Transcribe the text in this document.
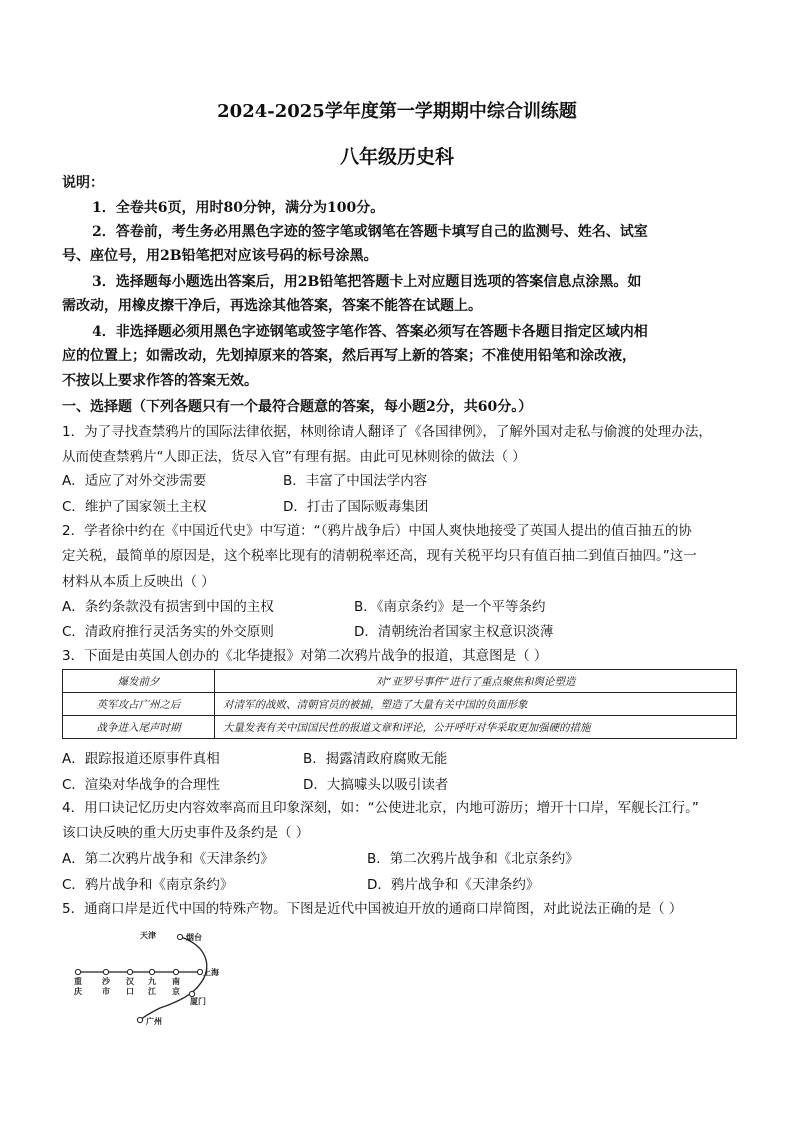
2024-2025学年度第一学期期中综合训练题
八年级历史科
说明：
1．全卷共6页，用时80分钟，满分为100分。
2．答卷前，考生务必用黑色字迹的签字笔或钢笔在答题卡填写自己的监测号、姓名、试室
号、座位号，用2B铅笔把对应该号码的标号涂黑。
3．选择题每小题选出答案后，用2B铅笔把答题卡上对应题目选项的答案信息点涂黑。如
需改动，用橡皮擦干净后，再选涂其他答案，答案不能答在试题上。
4．非选择题必须用黑色字迹钢笔或签字笔作答、答案必须写在答题卡各题目指定区域内相
应的位置上；如需改动，先划掉原来的答案，然后再写上新的答案；不准使用铅笔和涂改液，
不按以上要求作答的答案无效。
一、选择题（下列各题只有一个最符合题意的答案，每小题2分，共60分。）
1．为了寻找查禁鸦片的国际法律依据，林则徐请人翻译了《各国律例》，了解外国对走私与偷渡的处理办法，
从而使查禁鸦片“人即正法，货尽入官”有理有据。由此可见林则徐的做法（ ）
A．适应了对外交涉需要	B．丰富了中国法学内容
C．维护了国家领土主权	D．打击了国际贩毒集团
2．学者徐中约在《中国近代史》中写道：“（鸦片战争后）中国人爽快地接受了英国人提出的值百抽五的协
定关税，最简单的原因是，这个税率比现有的清朝税率还高，现有关税平均只有值百抽二到值百抽四。”这一
材料从本质上反映出（ ）
A．条约条款没有损害到中国的主权	B．《南京条约》是一个平等条约
C．清政府推行灵活务实的外交原则	D．清朝统治者国家主权意识淡薄
3．下面是由英国人创办的《北华捷报》对第二次鸦片战争的报道，其意图是（ ）
爆发前夕	对“亚罗号事件”进行了重点聚焦和舆论塑造
英军攻占广州之后	对清军的战败、清朝官员的被捕，塑造了大量有关中国的负面形象
战争进入尾声时期	大量发表有关中国国民性的报道文章和评论，公开呼吁对华采取更加强硬的措施
A．跟踪报道还原事件真相	B．揭露清政府腐败无能
C．渲染对华战争的合理性	D．大搞噱头以吸引读者
4．用口诀记忆历史内容效率高而且印象深刻，如：“公使进北京，内地可游历；增开十口岸，军舰长江行。”
该口诀反映的重大历史事件及条约是（ ）
A．第二次鸦片战争和《天津条约》	B．第二次鸦片战争和《北京条约》
C．鸦片战争和《南京条约》	D．鸦片战争和《天津条约》
5．通商口岸是近代中国的特殊产物。下图是近代中国被迫开放的通商口岸简图，对此说法正确的是（ ）
天津	烟台
上海
厦门
广州
重庆
沙市
汉口
九江
南京
